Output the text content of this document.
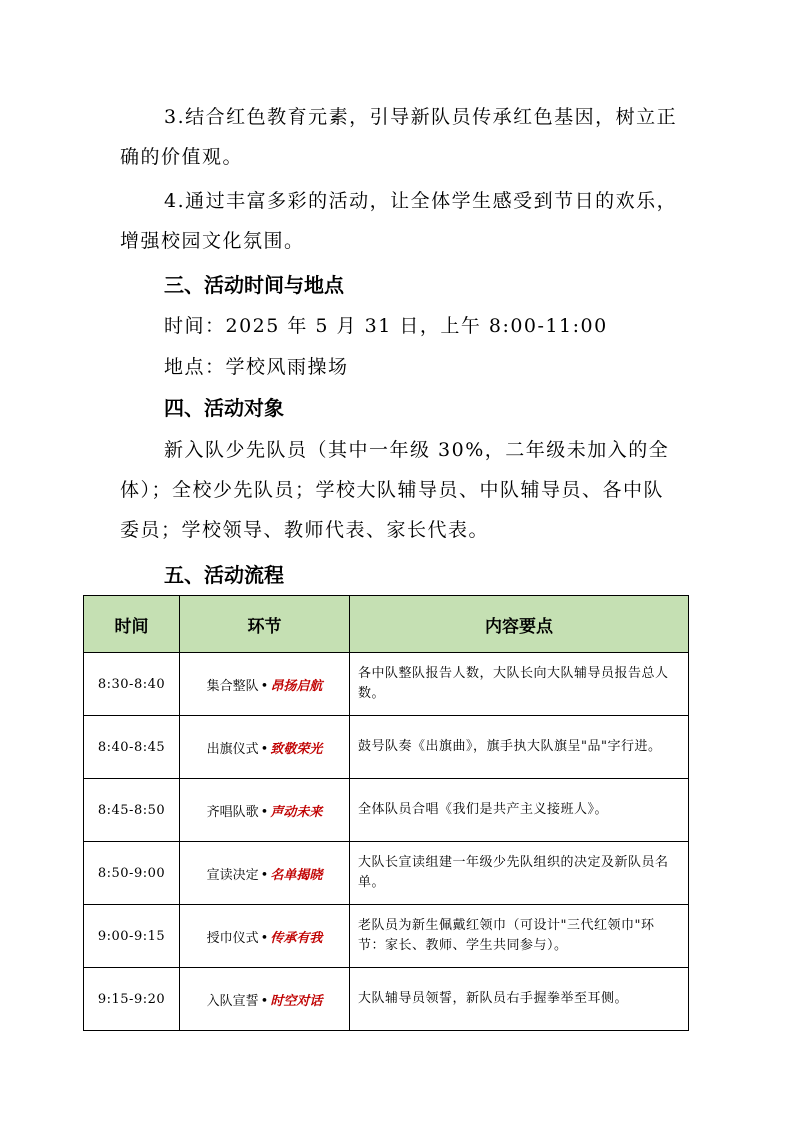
3.结合红色教育元素，引导新队员传承红色基因，树立正确的价值观。

4.通过丰富多彩的活动，让全体学生感受到节日的欢乐，增强校园文化氛围。

三、活动时间与地点

时间：2025 年 5 月 31 日，上午 8:00-11:00

地点：学校风雨操场

四、活动对象

新入队少先队员（其中一年级 30%，二年级未加入的全体）；全校少先队员；学校大队辅导员、中队辅导员、各中队委员；学校领导、教师代表、家长代表。

五、活动流程
时间	环节	内容要点
8:30-8:40	集合整队 • 昂扬启航	各中队整队报告人数，大队长向大队辅导员报告总人数。
8:40-8:45	出旗仪式 • 致敬荣光	鼓号队奏《出旗曲》，旗手执大队旗呈"品"字行进。
8:45-8:50	齐唱队歌 • 声动未来	全体队员合唱《我们是共产主义接班人》。
8:50-9:00	宣读决定 • 名单揭晓	大队长宣读组建一年级少先队组织的决定及新队员名单。
9:00-9:15	授巾仪式 • 传承有我	老队员为新生佩戴红领巾（可设计"三代红领巾"环节：家长、教师、学生共同参与）。
9:15-9:20	入队宣誓 • 时空对话	大队辅导员领誓，新队员右手握拳举至耳侧。
